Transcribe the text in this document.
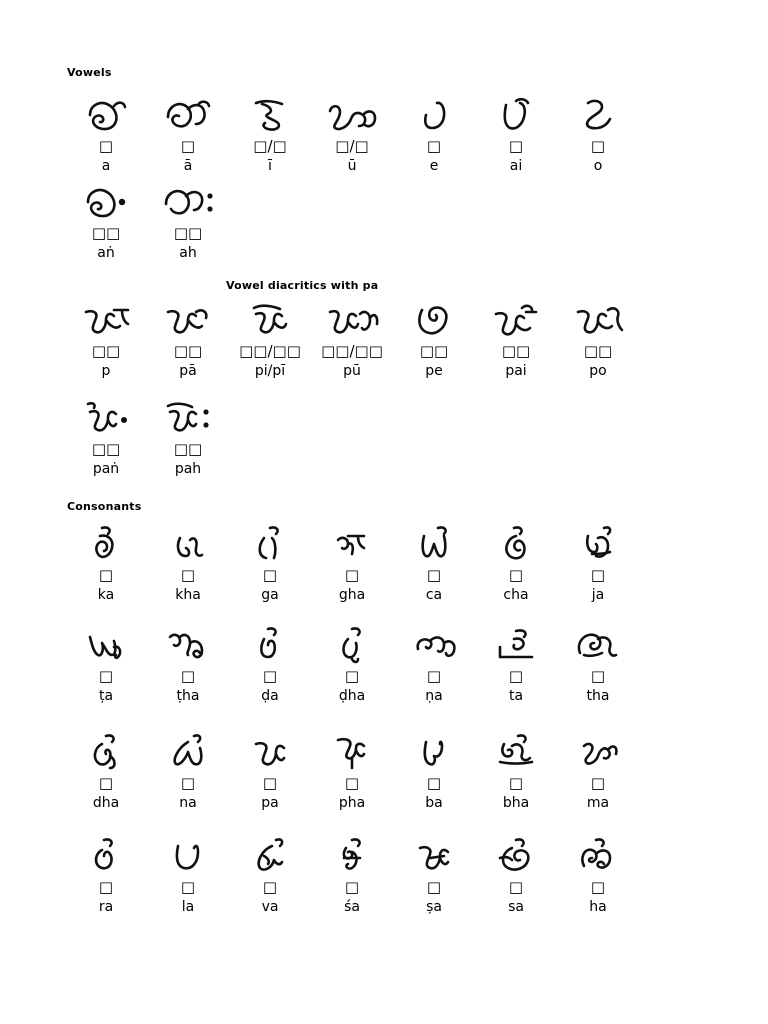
Vowels
□
a
□
ā
□/□
ī
□/□
ū
□
e
□
ai
□
o
□□
aṅ
□□
ah
Vowel diacritics with pa
□□
p
□□
pā
□□/□□
pi/pī
□□/□□
pū
□□
pe
□□
pai
□□
po
□□
paṅ
□□
pah
Consonants
□
ka
□
kha
□
ga
□
gha
□
ca
□
cha
□
ja
□
ṭa
□
ṭha
□
ḍa
□
ḍha
□
ṇa
□
ta
□
tha
□
dha
□
na
□
pa
□
pha
□
ba
□
bha
□
ma
□
ra
□
la
□
va
□
śa
□
ṣa
□
sa
□
ha
